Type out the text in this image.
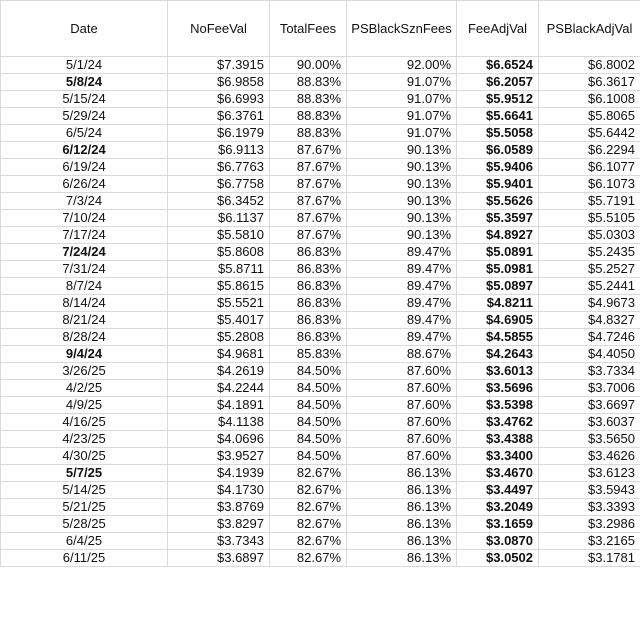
Date	NoFeeVal	TotalFees	PSBlackSznFees	FeeAdjVal	PSBlackAdjVal
5/1/24	$7.3915	90.00%	92.00%	$6.6524	$6.8002
5/8/24	$6.9858	88.83%	91.07%	$6.2057	$6.3617
5/15/24	$6.6993	88.83%	91.07%	$5.9512	$6.1008
5/29/24	$6.3761	88.83%	91.07%	$5.6641	$5.8065
6/5/24	$6.1979	88.83%	91.07%	$5.5058	$5.6442
6/12/24	$6.9113	87.67%	90.13%	$6.0589	$6.2294
6/19/24	$6.7763	87.67%	90.13%	$5.9406	$6.1077
6/26/24	$6.7758	87.67%	90.13%	$5.9401	$6.1073
7/3/24	$6.3452	87.67%	90.13%	$5.5626	$5.7191
7/10/24	$6.1137	87.67%	90.13%	$5.3597	$5.5105
7/17/24	$5.5810	87.67%	90.13%	$4.8927	$5.0303
7/24/24	$5.8608	86.83%	89.47%	$5.0891	$5.2435
7/31/24	$5.8711	86.83%	89.47%	$5.0981	$5.2527
8/7/24	$5.8615	86.83%	89.47%	$5.0897	$5.2441
8/14/24	$5.5521	86.83%	89.47%	$4.8211	$4.9673
8/21/24	$5.4017	86.83%	89.47%	$4.6905	$4.8327
8/28/24	$5.2808	86.83%	89.47%	$4.5855	$4.7246
9/4/24	$4.9681	85.83%	88.67%	$4.2643	$4.4050
3/26/25	$4.2619	84.50%	87.60%	$3.6013	$3.7334
4/2/25	$4.2244	84.50%	87.60%	$3.5696	$3.7006
4/9/25	$4.1891	84.50%	87.60%	$3.5398	$3.6697
4/16/25	$4.1138	84.50%	87.60%	$3.4762	$3.6037
4/23/25	$4.0696	84.50%	87.60%	$3.4388	$3.5650
4/30/25	$3.9527	84.50%	87.60%	$3.3400	$3.4626
5/7/25	$4.1939	82.67%	86.13%	$3.4670	$3.6123
5/14/25	$4.1730	82.67%	86.13%	$3.4497	$3.5943
5/21/25	$3.8769	82.67%	86.13%	$3.2049	$3.3393
5/28/25	$3.8297	82.67%	86.13%	$3.1659	$3.2986
6/4/25	$3.7343	82.67%	86.13%	$3.0870	$3.2165
6/11/25	$3.6897	82.67%	86.13%	$3.0502	$3.1781
